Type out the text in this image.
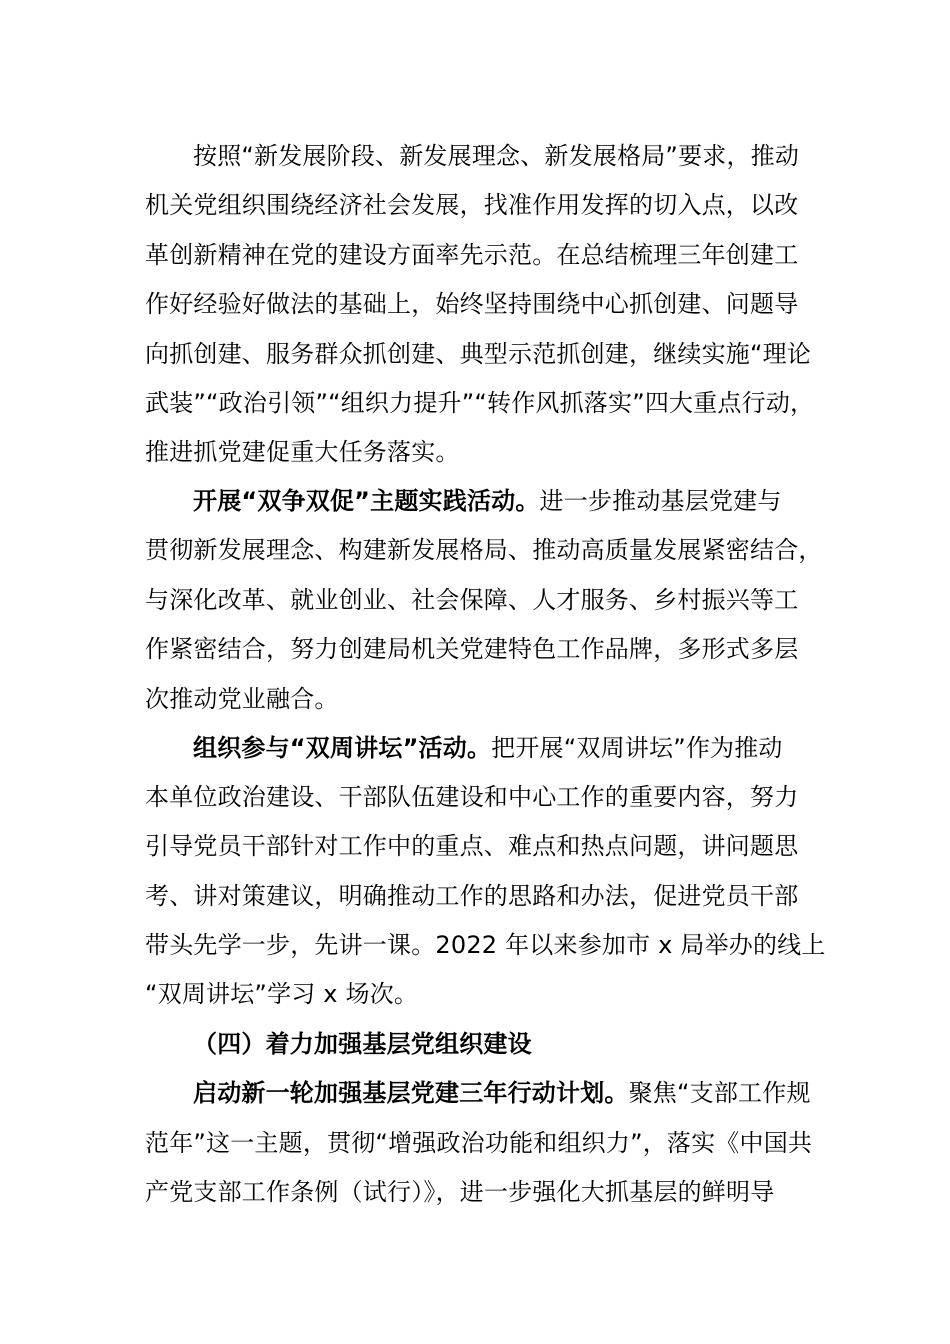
按照“新发展阶段、新发展理念、新发展格局”要求，推动
机关党组织围绕经济社会发展，找准作用发挥的切入点，以改
革创新精神在党的建设方面率先示范。在总结梳理三年创建工
作好经验好做法的基础上，始终坚持围绕中心抓创建、问题导
向抓创建、服务群众抓创建、典型示范抓创建，继续实施“理论
武装”“政治引领”“组织力提升”“转作风抓落实”四大重点行动，
推进抓党建促重大任务落实。
开展“双争双促”主题实践活动。进一步推动基层党建与
贯彻新发展理念、构建新发展格局、推动高质量发展紧密结合，
与深化改革、就业创业、社会保障、人才服务、乡村振兴等工
作紧密结合，努力创建局机关党建特色工作品牌，多形式多层
次推动党业融合。
组织参与“双周讲坛”活动。把开展“双周讲坛”作为推动
本单位政治建设、干部队伍建设和中心工作的重要内容，努力
引导党员干部针对工作中的重点、难点和热点问题，讲问题思
考、讲对策建议，明确推动工作的思路和办法，促进党员干部
带头先学一步，先讲一课。2022 年以来参加市 x 局举办的线上
“双周讲坛”学习 x 场次。
（四）着力加强基层党组织建设
启动新一轮加强基层党建三年行动计划。聚焦“支部工作规
范年”这一主题，贯彻“增强政治功能和组织力”，落实《中国共
产党支部工作条例（试行）》，进一步强化大抓基层的鲜明导
